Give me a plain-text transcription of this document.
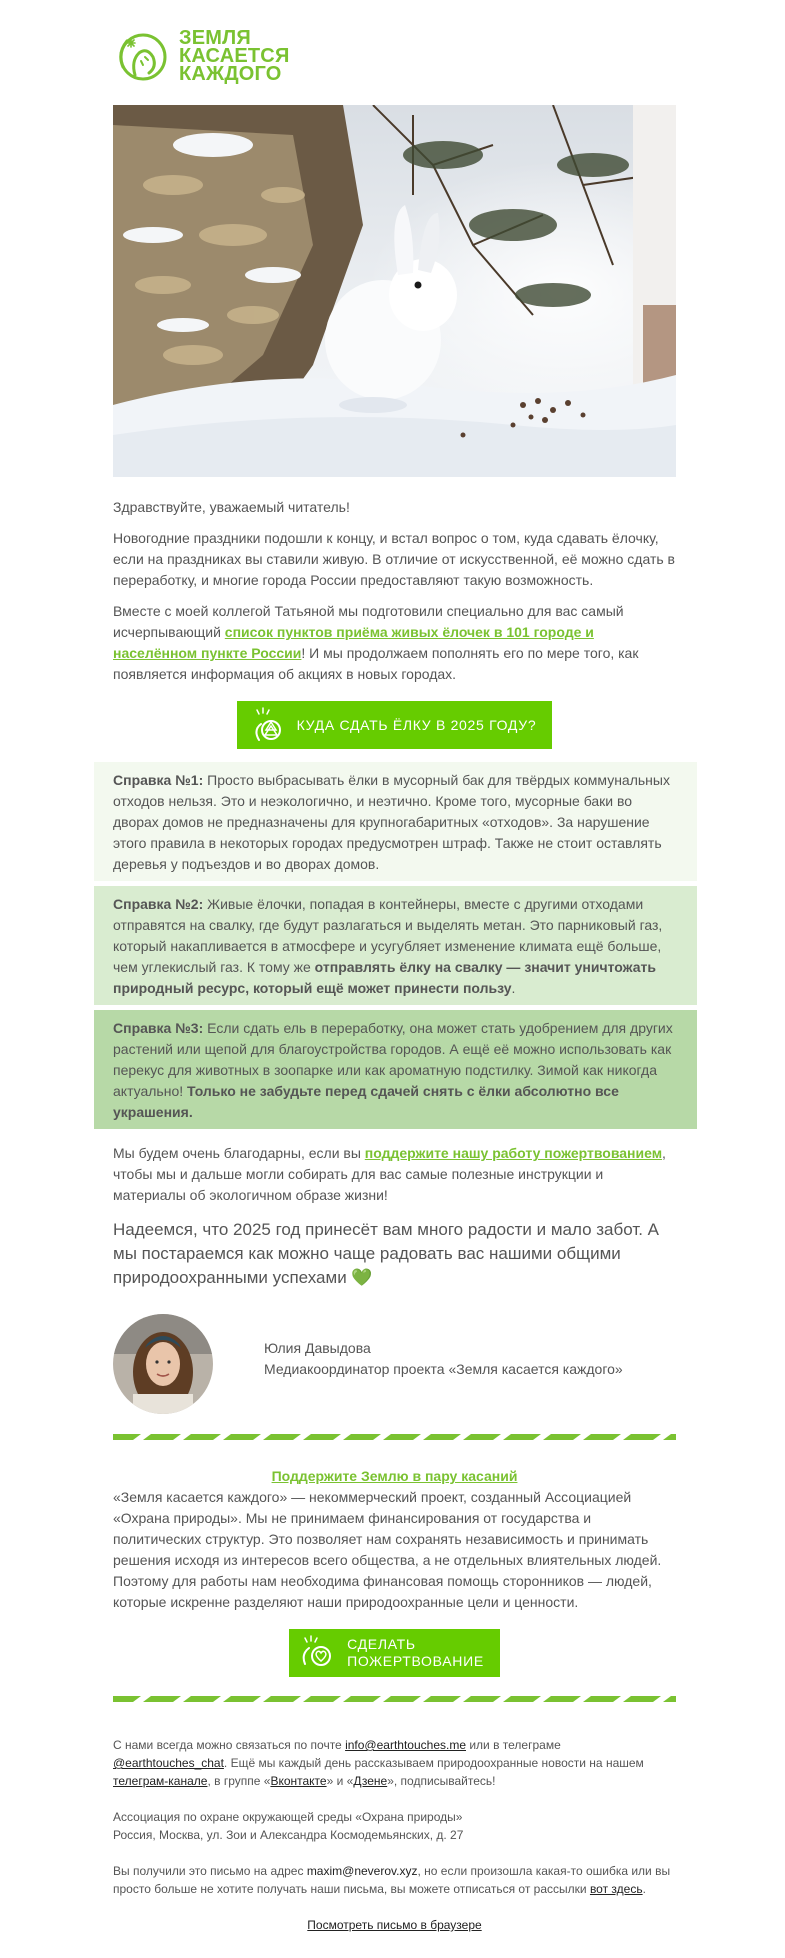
ЗЕМЛЯ
КАСАЕТСЯ
КАЖДОГО

Здравствуйте, уважаемый читатель!

Новогодние праздники подошли к концу, и встал вопрос о том, куда сдавать ёлочку, если на праздниках вы ставили живую. В отличие от искусственной, её можно сдать в переработку, и многие города России предоставляют такую возможность.

Вместе с моей коллегой Татьяной мы подготовили специально для вас самый исчерпывающий список пунктов приёма живых ёлочек в 101 городе и населённом пункте России! И мы продолжаем пополнять его по мере того, как появляется информация об акциях в новых городах.

КУДА СДАТЬ ЁЛКУ В 2025 ГОДУ?
Справка №1: Просто выбрасывать ёлки в мусорный бак для твёрдых коммунальных отходов нельзя. Это и неэкологично, и неэтично. Кроме того, мусорные баки во дворах домов не предназначены для крупногабаритных «отходов». За нарушение этого правила в некоторых городах предусмотрен штраф. Также не стоит оставлять деревья у подъездов и во дворах домов.
Справка №2: Живые ёлочки, попадая в контейнеры, вместе с другими отходами отправятся на свалку, где будут разлагаться и выделять метан. Это парниковый газ, который накапливается в атмосфере и усугубляет изменение климата ещё больше, чем углекислый газ. К тому же отправлять ёлку на свалку — значит уничтожать природный ресурс, который ещё может принести пользу.
Справка №3: Если сдать ель в переработку, она может стать удобрением для других растений или щепой для благоустройства городов. А ещё её можно использовать как перекус для животных в зоопарке или как ароматную подстилку. Зимой как никогда актуально! Только не забудьте перед сдачей снять с ёлки абсолютно все украшения.

Мы будем очень благодарны, если вы поддержите нашу работу пожертвованием, чтобы мы и дальше могли собирать для вас самые полезные инструкции и материалы об экологичном образе жизни!

Надеемся, что 2025 год принесёт вам много радости и мало забот. А мы постараемся как можно чаще радовать вас нашими общими природоохранными успехами 💚

Юлия Давыдова
Медиакоординатор проекта «Земля касается каждого»

Поддержите Землю в пару касаний

«Земля касается каждого» — некоммерческий проект, созданный Ассоциацией «Охрана природы». Мы не принимаем финансирования от государства и политических структур. Это позволяет нам сохранять независимость и принимать решения исходя из интересов всего общества, а не отдельных влиятельных людей. Поэтому для работы нам необходима финансовая помощь сторонников — людей, которые искренне разделяют наши природоохранные цели и ценности.

СДЕЛАТЬ
ПОЖЕРТВОВАНИЕ

С нами всегда можно связаться по почте info@earthtouches.me или в телеграме @earthtouches_chat. Ещё мы каждый день рассказываем природоохранные новости на нашем телеграм-канале, в группе «Вконтакте» и «Дзене», подписывайтесь!

Ассоциация по охране окружающей среды «Охрана природы»
Россия, Москва, ул. Зои и Александра Космодемьянских, д. 27

Вы получили это письмо на адрес maxim@neverov.xyz, но если произошла какая-то ошибка или вы просто больше не хотите получать наши письма, вы можете отписаться от рассылки вот здесь.

Посмотреть письмо в браузере
